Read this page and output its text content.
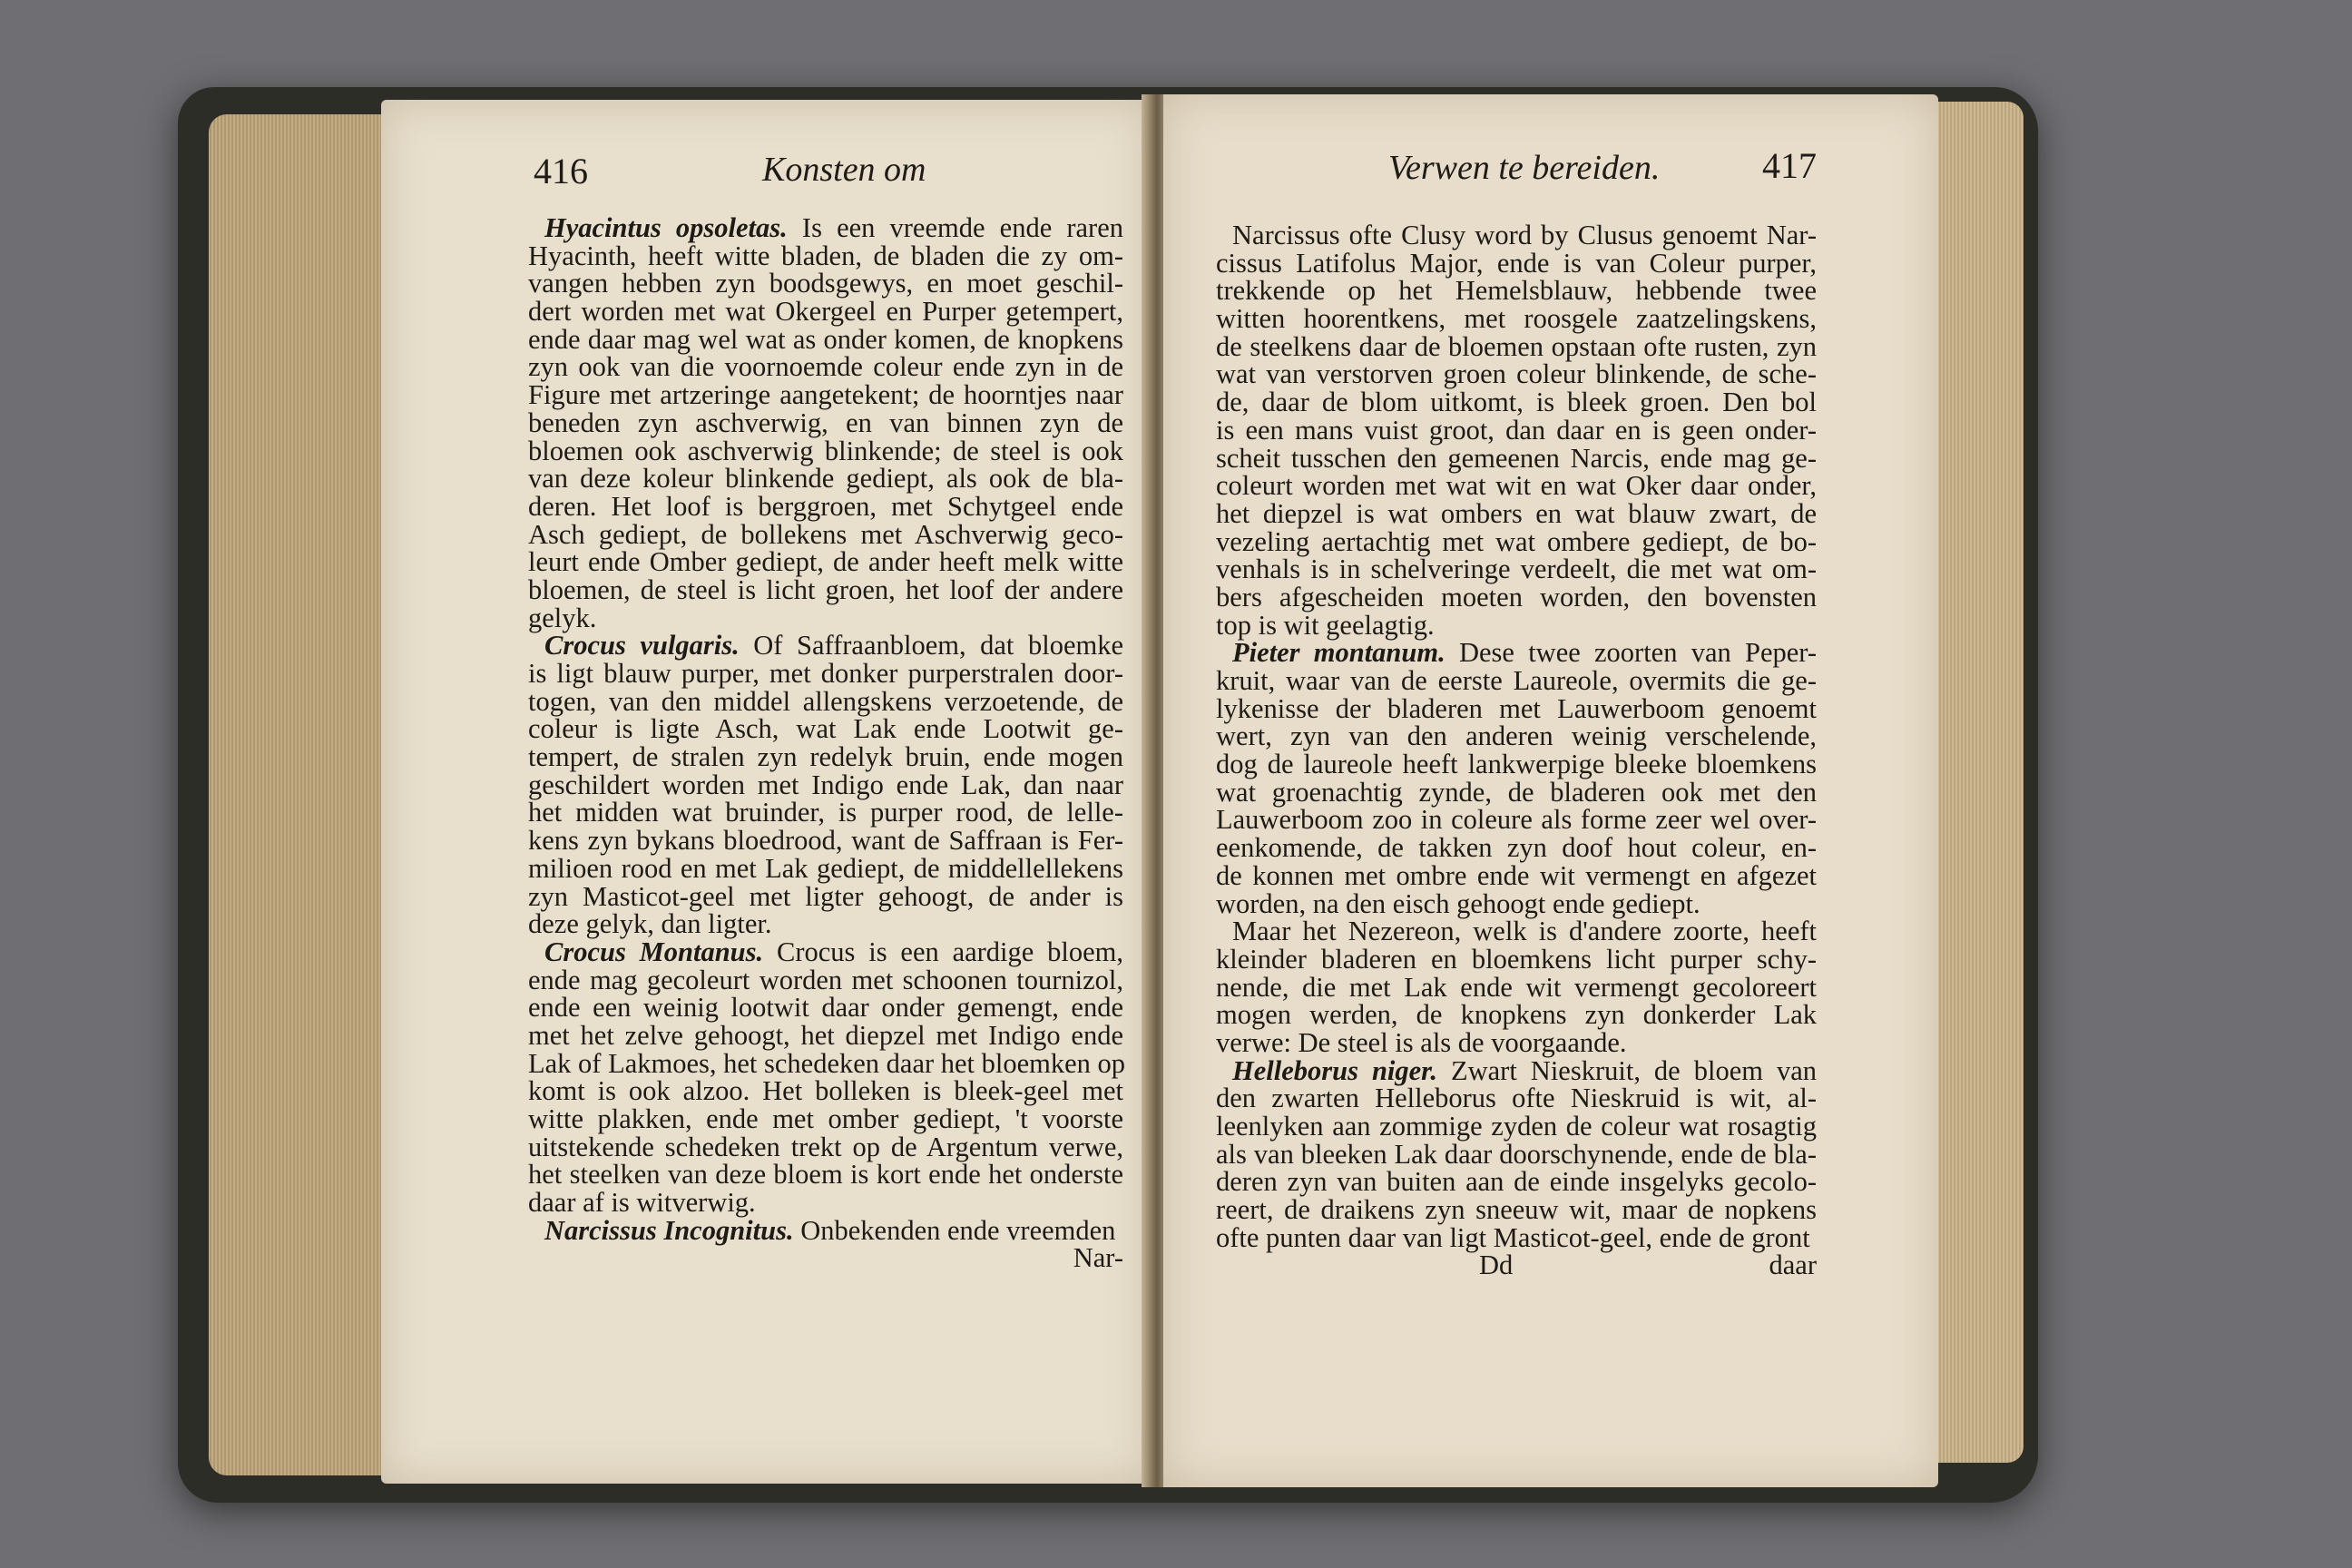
416	Konsten om
Hyacintus opsoletas. Is een vreemde ende raren
Hyacinth, heeft witte bladen, de bladen die zy om-
vangen hebben zyn boodsgewys, en moet geschil-
dert worden met wat Okergeel en Purper getempert,
ende daar mag wel wat as onder komen, de knopkens
zyn ook van die voornoemde coleur ende zyn in de
Figure met artzeringe aangetekent; de hoorntjes naar
beneden zyn aschverwig, en van binnen zyn de
bloemen ook aschverwig blinkende; de steel is ook
van deze koleur blinkende gediept, als ook de bla-
deren. Het loof is berggroen, met Schytgeel ende
Asch gediept, de bollekens met Aschverwig geco-
leurt ende Omber gediept, de ander heeft melk witte
bloemen, de steel is licht groen, het loof der andere
gelyk.
Crocus vulgaris. Of Saffraanbloem, dat bloemke
is ligt blauw purper, met donker purperstralen door-
togen, van den middel allengskens verzoetende, de
coleur is ligte Asch, wat Lak ende Lootwit ge-
tempert, de stralen zyn redelyk bruin, ende mogen
geschildert worden met Indigo ende Lak, dan naar
het midden wat bruinder, is purper rood, de lelle-
kens zyn bykans bloedrood, want de Saffraan is Fer-
milioen rood en met Lak gediept, de middellellekens
zyn Masticot-geel met ligter gehoogt, de ander is
deze gelyk, dan ligter.
Crocus Montanus. Crocus is een aardige bloem,
ende mag gecoleurt worden met schoonen tournizol,
ende een weinig lootwit daar onder gemengt, ende
met het zelve gehoogt, het diepzel met Indigo ende
Lak of Lakmoes, het schedeken daar het bloemken op
komt is ook alzoo. Het bolleken is bleek-geel met
witte plakken, ende met omber gediept, 't voorste
uitstekende schedeken trekt op de Argentum verwe,
het steelken van deze bloem is kort ende het onderste
daar af is witverwig.
Narcissus Incognitus. Onbekenden ende vreemden
Nar-
Verwen te bereiden.	417
Narcissus ofte Clusy word by Clusus genoemt Nar-
cissus Latifolus Major, ende is van Coleur purper,
trekkende op het Hemelsblauw, hebbende twee
witten hoorentkens, met roosgele zaatzelingskens,
de steelkens daar de bloemen opstaan ofte rusten, zyn
wat van verstorven groen coleur blinkende, de sche-
de, daar de blom uitkomt, is bleek groen. Den bol
is een mans vuist groot, dan daar en is geen onder-
scheit tusschen den gemeenen Narcis, ende mag ge-
coleurt worden met wat wit en wat Oker daar onder,
het diepzel is wat ombers en wat blauw zwart, de
vezeling aertachtig met wat ombere gediept, de bo-
venhals is in schelveringe verdeelt, die met wat om-
bers afgescheiden moeten worden, den bovensten
top is wit geelagtig.
Pieter montanum. Dese twee zoorten van Peper-
kruit, waar van de eerste Laureole, overmits die ge-
lykenisse der bladeren met Lauwerboom genoemt
wert, zyn van den anderen weinig verschelende,
dog de laureole heeft lankwerpige bleeke bloemkens
wat groenachtig zynde, de bladeren ook met den
Lauwerboom zoo in coleure als forme zeer wel over-
eenkomende, de takken zyn doof hout coleur, en-
de konnen met ombre ende wit vermengt en afgezet
worden, na den eisch gehoogt ende gediept.
Maar het Nezereon, welk is d'andere zoorte, heeft
kleinder bladeren en bloemkens licht purper schy-
nende, die met Lak ende wit vermengt gecoloreert
mogen werden, de knopkens zyn donkerder Lak
verwe: De steel is als de voorgaande.
Helleborus niger. Zwart Nieskruit, de bloem van
den zwarten Helleborus ofte Nieskruid is wit, al-
leenlyken aan zommige zyden de coleur wat rosagtig
als van bleeken Lak daar doorschynende, ende de bla-
deren zyn van buiten aan de einde insgelyks gecolo-
reert, de draikens zyn sneeuw wit, maar de nopkens
ofte punten daar van ligt Masticot-geel, ende de gront
Dd	daar
